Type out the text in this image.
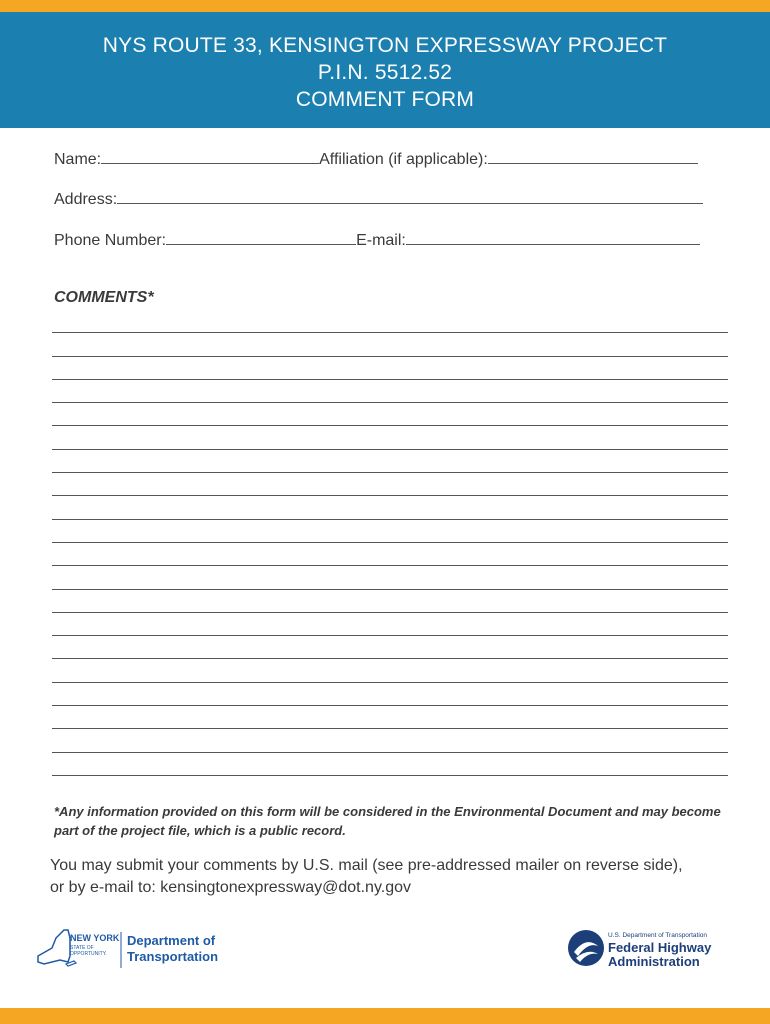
NYS ROUTE 33, KENSINGTON EXPRESSWAY PROJECT
P.I.N. 5512.52
COMMENT FORM
Name:	Affiliation (if applicable):
Address:
Phone Number:	E-mail:
COMMENTS*
*Any information provided on this form will be considered in the Environmental Document and may become part of the project file, which is a public record.
You may submit your comments by U.S. mail (see pre-addressed mailer on reverse side),
or by e-mail to: kensingtonexpressway@dot.ny.gov
NEW YORK
STATE OF
OPPORTUNITY.
Department of
Transportation
U.S. Department of Transportation
Federal Highway
Administration
